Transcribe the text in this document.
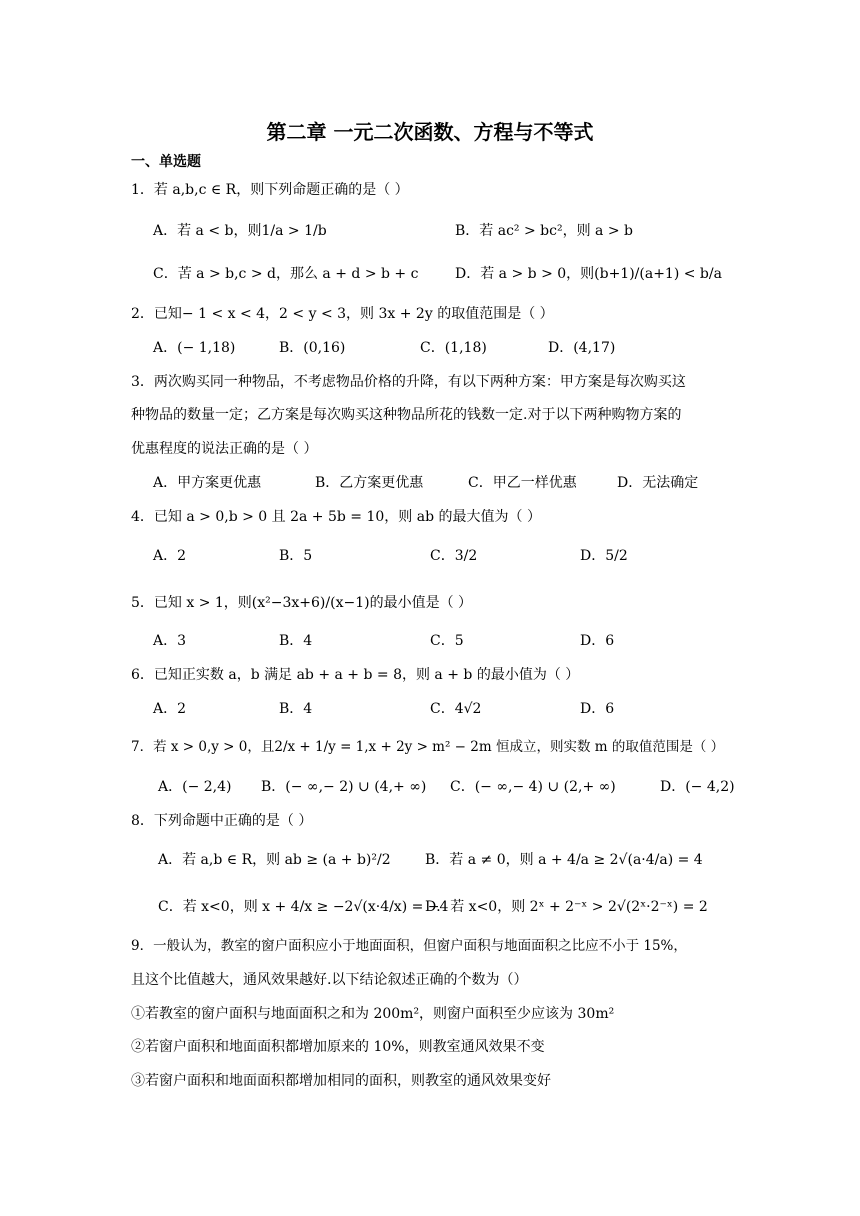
第二章 一元二次函数、方程与不等式
一、单选题
1．若 a,b,c ∈ R，则下列命题正确的是（ ）
A．若 a < b，则1/a > 1/b	B．若 ac² > bc²，则 a > b
C．苦 a > b,c > d，那么 a + d > b + c	D．若 a > b > 0，则(b+1)/(a+1) < b/a
2．已知− 1 < x < 4，2 < y < 3，则 3x + 2y 的取值范围是（ ）
A．(− 1,18)	B．(0,16)	C．(1,18)	D．(4,17)
3．两次购买同一种物品，不考虑物品价格的升降，有以下两种方案：甲方案是每次购买这
种物品的数量一定；乙方案是每次购买这种物品所花的钱数一定.对于以下两种购物方案的
优惠程度的说法正确的是（ ）
A．甲方案更优惠	B．乙方案更优惠	C．甲乙一样优惠	D．无法确定
4．已知 a > 0,b > 0 且 2a + 5b = 10，则 ab 的最大值为（ ）
A．2	B．5	C．3/2	D．5/2
5．已知 x > 1，则(x²−3x+6)/(x−1)的最小值是（ ）
A．3	B．4	C．5	D．6
6．已知正实数 a，b 满足 ab + a + b = 8，则 a + b 的最小值为（ ）
A．2	B．4	C．4√2	D．6
7．若 x > 0,y > 0，且2/x + 1/y = 1,x + 2y > m² − 2m 恒成立，则实数 m 的取值范围是（ ）
A．(− 2,4) B．(− ∞,− 2) ∪ (4,+ ∞) C．(− ∞,− 4) ∪ (2,+ ∞)	D．(− 4,2)
8．下列命题中正确的是（ ）
A．若 a,b ∈ R，则 ab ≥ (a + b)²/2 B．若 a ≠ 0，则 a + 4/a ≥ 2√(a·4/a) = 4
C．若 x<0，则 x + 4/x ≥ −2√(x·4/x) = −4
D．若 x<0，则 2ˣ + 2⁻ˣ > 2√(2ˣ·2⁻ˣ) = 2
9．一般认为，教室的窗户面积应小于地面面积，但窗户面积与地面面积之比应不小于 15%，
且这个比值越大，通风效果越好.以下结论叙述正确的个数为（）
①若教室的窗户面积与地面面积之和为 200m²，则窗户面积至少应该为 30m²
②若窗户面积和地面面积都增加原来的 10%，则教室通风效果不变
③若窗户面积和地面面积都增加相同的面积，则教室的通风效果变好
